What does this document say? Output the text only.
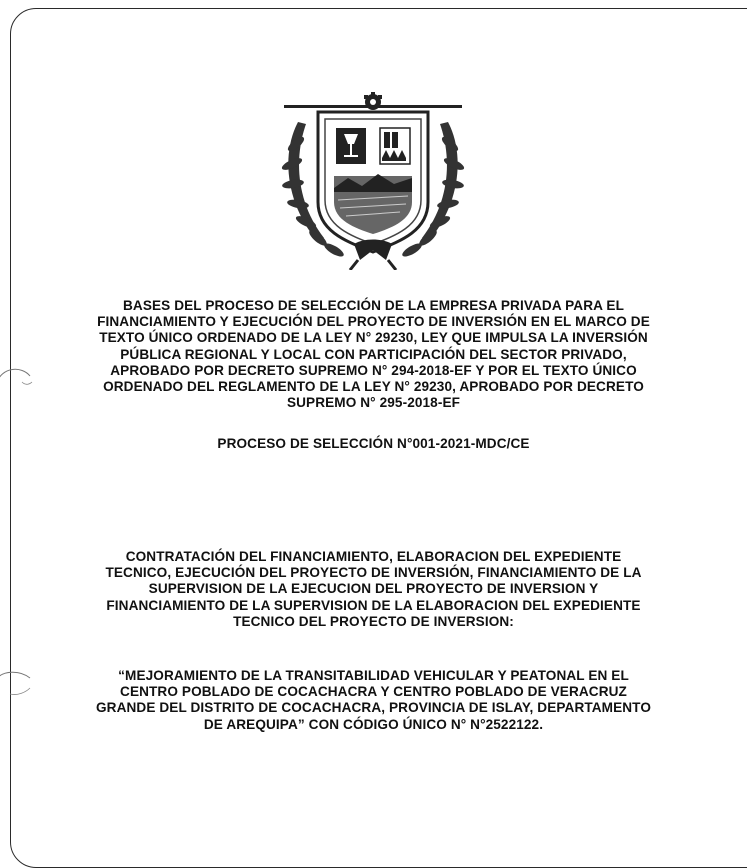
BASES DEL PROCESO DE SELECCIÓN DE LA EMPRESA PRIVADA PARA EL

FINANCIAMIENTO Y EJECUCIÓN DEL PROYECTO DE INVERSIÓN EN EL MARCO DE

TEXTO ÚNICO ORDENADO DE LA LEY N° 29230, LEY QUE IMPULSA LA INVERSIÓN

PÚBLICA REGIONAL Y LOCAL CON PARTICIPACIÓN DEL SECTOR PRIVADO,

APROBADO POR DECRETO SUPREMO N° 294-2018-EF Y POR EL TEXTO ÚNICO

ORDENADO DEL REGLAMENTO DE LA LEY N° 29230, APROBADO POR DECRETO

SUPREMO N° 295-2018-EF

PROCESO DE SELECCIÓN N°001-2021-MDC/CE

CONTRATACIÓN DEL FINANCIAMIENTO, ELABORACION DEL EXPEDIENTE

TECNICO, EJECUCIÓN DEL PROYECTO DE INVERSIÓN, FINANCIAMIENTO DE LA

SUPERVISION DE LA EJECUCION DEL PROYECTO DE INVERSION Y

FINANCIAMIENTO DE LA SUPERVISION DE LA ELABORACION DEL EXPEDIENTE

TECNICO DEL PROYECTO DE INVERSION:

“MEJORAMIENTO DE LA TRANSITABILIDAD VEHICULAR Y PEATONAL EN EL

CENTRO POBLADO DE COCACHACRA Y CENTRO POBLADO DE VERACRUZ

GRANDE DEL DISTRITO DE COCACHACRA, PROVINCIA DE ISLAY, DEPARTAMENTO

DE AREQUIPA” CON CÓDIGO ÚNICO N° N°2522122.
